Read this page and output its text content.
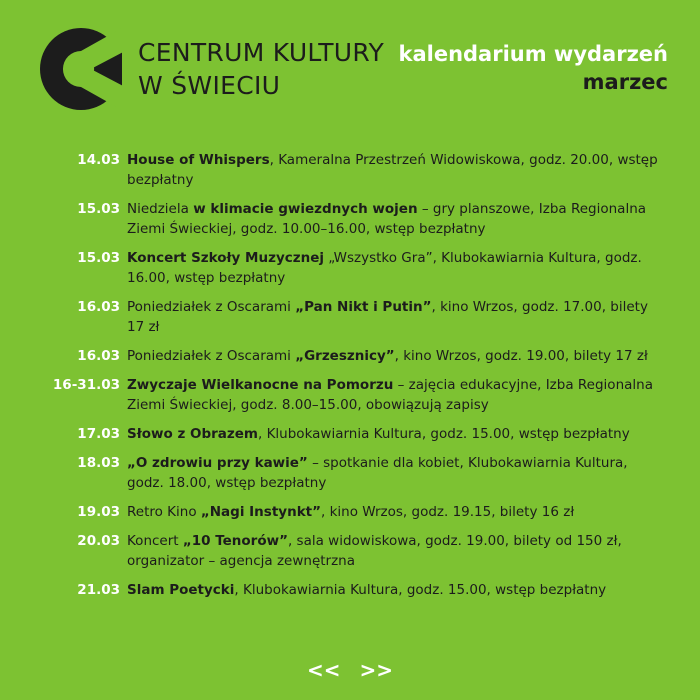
CENTRUM KULTURY
W ŚWIECIU
kalendarium wydarzeń
marzec
14.03 House of Whispers, Kameralna Przestrzeń Widowiskowa, godz. 20.00, wstęp bezpłatny
15.03 Niedziela w klimacie gwiezdnych wojen – gry planszowe, Izba Regionalna Ziemi Świeckiej, godz. 10.00–16.00, wstęp bezpłatny
15.03 Koncert Szkoły Muzycznej „Wszystko Gra”, Klubokawiarnia Kultura, godz. 16.00, wstęp bezpłatny
16.03 Poniedziałek z Oscarami „Pan Nikt i Putin”, kino Wrzos, godz. 17.00, bilety 17 zł
16.03 Poniedziałek z Oscarami „Grzesznicy”, kino Wrzos, godz. 19.00, bilety 17 zł
16-31.03 Zwyczaje Wielkanocne na Pomorzu – zajęcia edukacyjne, Izba Regionalna Ziemi Świeckiej, godz. 8.00–15.00, obowiązują zapisy
17.03 Słowo z Obrazem, Klubokawiarnia Kultura, godz. 15.00, wstęp bezpłatny
18.03 „O zdrowiu przy kawie” – spotkanie dla kobiet, Klubokawiarnia Kultura, godz. 18.00, wstęp bezpłatny
19.03 Retro Kino „Nagi Instynkt”, kino Wrzos, godz. 19.15, bilety 16 zł
20.03 Koncert „10 Tenorów”, sala widowiskowa, godz. 19.00, bilety od 150 zł, organizator – agencja zewnętrzna
21.03 Slam Poetycki, Klubokawiarnia Kultura, godz. 15.00, wstęp bezpłatny
<< >>
